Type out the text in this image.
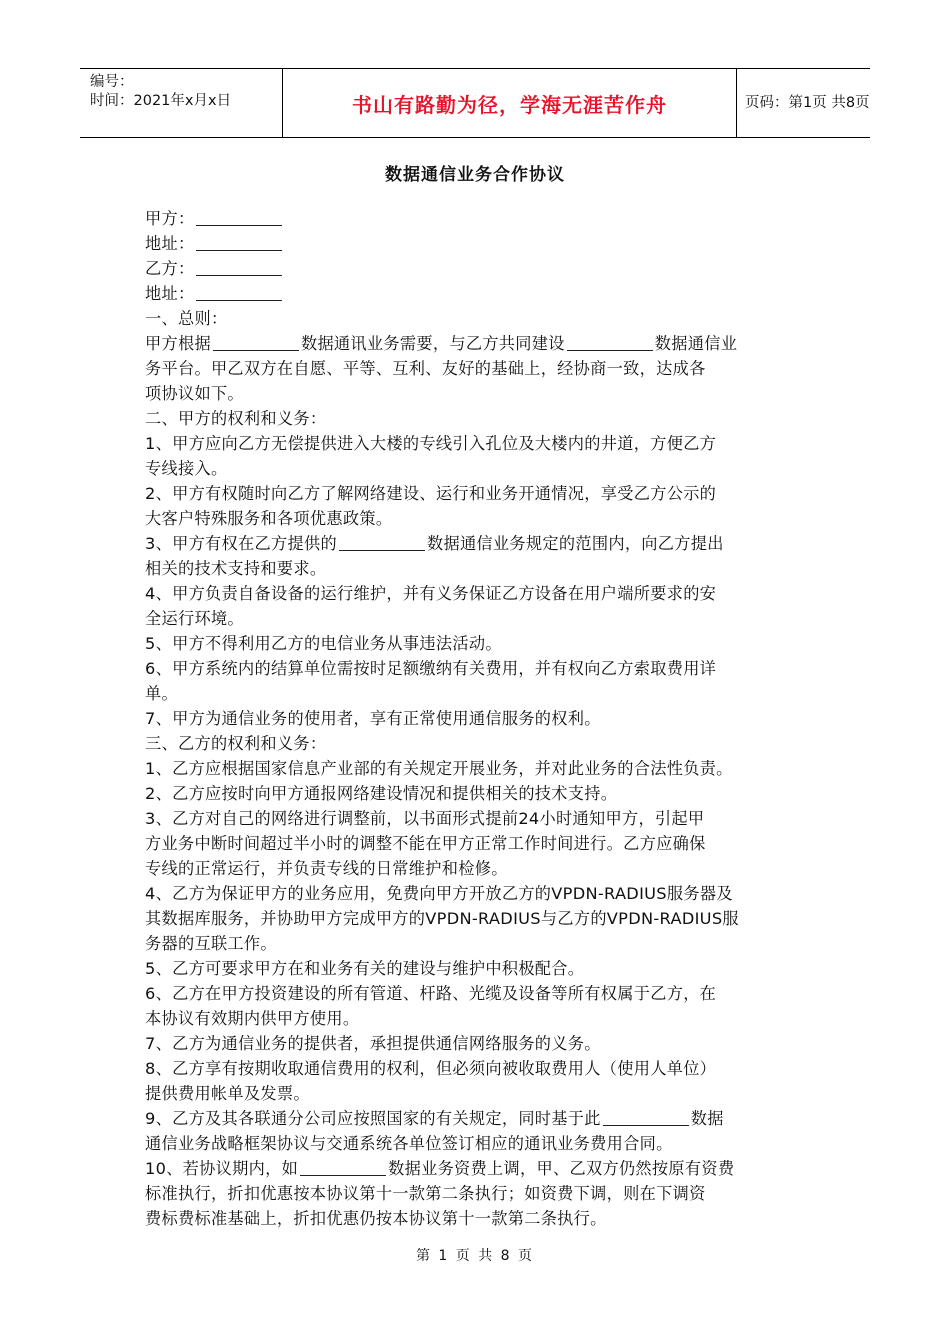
编号：
时间：2021年x月x日	书山有路勤为径，学海无涯苦作舟	页码：第1页 共8页
数据通信业务合作协议
甲方：
地址：
乙方：
地址：
一、总则：
甲方根据	数据通讯业务需要，与乙方共同建设	数据通信业
务平台。甲乙双方在自愿、平等、互利、友好的基础上，经协商一致，达成各
项协议如下。
二、甲方的权利和义务：
1、甲方应向乙方无偿提供进入大楼的专线引入孔位及大楼内的井道，方便乙方
专线接入。
2、甲方有权随时向乙方了解网络建设、运行和业务开通情况，享受乙方公示的
大客户特殊服务和各项优惠政策。
3、甲方有权在乙方提供的	数据通信业务规定的范围内，向乙方提出
相关的技术支持和要求。
4、甲方负责自备设备的运行维护，并有义务保证乙方设备在用户端所要求的安
全运行环境。
5、甲方不得利用乙方的电信业务从事违法活动。
6、甲方系统内的结算单位需按时足额缴纳有关费用，并有权向乙方索取费用详
单。
7、甲方为通信业务的使用者，享有正常使用通信服务的权利。
三、乙方的权利和义务：
1、乙方应根据国家信息产业部的有关规定开展业务，并对此业务的合法性负责。
2、乙方应按时向甲方通报网络建设情况和提供相关的技术支持。
3、乙方对自己的网络进行调整前，以书面形式提前24小时通知甲方，引起甲
方业务中断时间超过半小时的调整不能在甲方正常工作时间进行。乙方应确保
专线的正常运行，并负责专线的日常维护和检修。
4、乙方为保证甲方的业务应用，免费向甲方开放乙方的VPDN-RADIUS服务器及
其数据库服务，并协助甲方完成甲方的VPDN-RADIUS与乙方的VPDN-RADIUS服
务器的互联工作。
5、乙方可要求甲方在和业务有关的建设与维护中积极配合。
6、乙方在甲方投资建设的所有管道、杆路、光缆及设备等所有权属于乙方，在
本协议有效期内供甲方使用。
7、乙方为通信业务的提供者，承担提供通信网络服务的义务。
8、乙方享有按期收取通信费用的权利，但必须向被收取费用人（使用人单位）
提供费用帐单及发票。
9、乙方及其各联通分公司应按照国家的有关规定，同时基于此	数据
通信业务战略框架协议与交通系统各单位签订相应的通讯业务费用合同。
10、若协议期内，如	数据业务资费上调，甲、乙双方仍然按原有资费
标准执行，折扣优惠按本协议第十一款第二条执行；如资费下调，则在下调资
费标费标准基础上，折扣优惠仍按本协议第十一款第二条执行。
第 1 页 共 8 页
